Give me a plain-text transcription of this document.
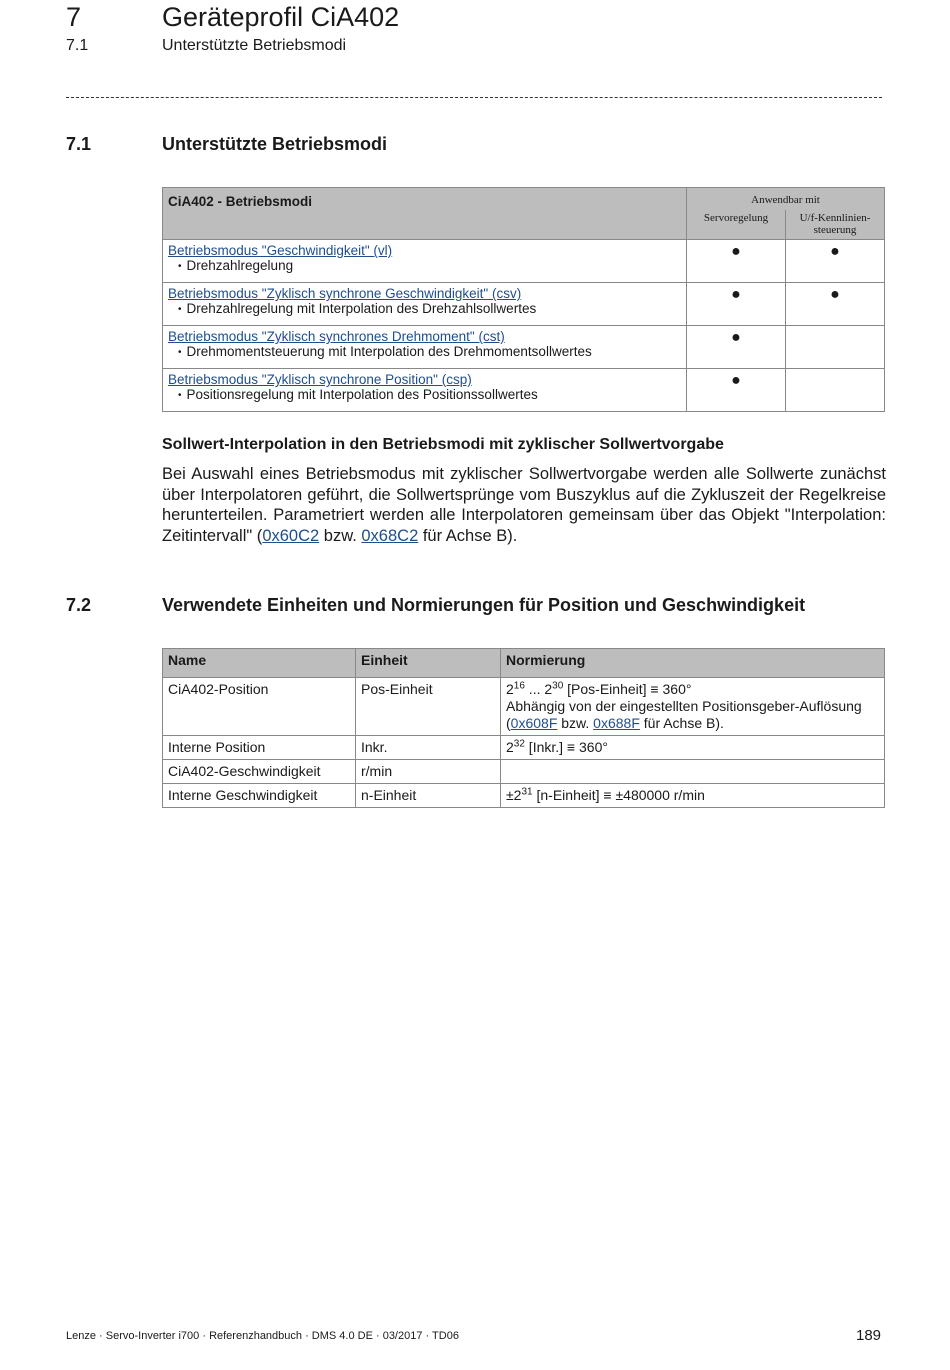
7	Geräteprofil CiA402
7.1	Unterstützte Betriebsmodi
7.1	Unterstützte Betriebsmodi
CiA402 - Betriebsmodi	Anwendbar mit	
	Servoregelung	U/f-Kennlinien-
steuerung
Betriebsmodus "Geschwindigkeit" (vl)
• Drehzahlregelung	●	●
Betriebsmodus "Zyklisch synchrone Geschwindigkeit" (csv)
• Drehzahlregelung mit Interpolation des Drehzahlsollwertes	●	●
Betriebsmodus "Zyklisch synchrones Drehmoment" (cst)
• Drehmomentsteuerung mit Interpolation des Drehmomentsollwertes	●	
Betriebsmodus "Zyklisch synchrone Position" (csp)
• Positionsregelung mit Interpolation des Positionssollwertes	●	
Sollwert-Interpolation in den Betriebsmodi mit zyklischer Sollwertvorgabe
Bei Auswahl eines Betriebsmodus mit zyklischer Sollwertvorgabe werden alle Sollwerte zunächst über Interpolatoren geführt, die Sollwertsprünge vom Buszyklus auf die Zykluszeit der Regelkreise herunterteilen. Parametriert werden alle Interpolatoren gemeinsam über das Objekt "Interpolation: Zeitintervall" (0x60C2 bzw. 0x68C2 für Achse B).
7.2	Verwendete Einheiten und Normierungen für Position und Geschwindigkeit
Name	Einheit	Normierung
CiA402-Position	Pos-Einheit	$2^{16}$ ... $2^{30}$ [Pos-Einheit] ≡ 360°
Abhängig von der eingestellten Positionsgeber-Auflösung
(0x608F bzw. 0x688F für Achse B).

Interne Position	Inkr.	$2^{32}$ [Inkr.] ≡ 360°
CiA402-Geschwindigkeit	r/min	
Interne Geschwindigkeit	n-Einheit	$\pm 2^{31}$ [n-Einheit] ≡ ±480000 r/min
Lenze · Servo-Inverter i700 · Referenzhandbuch · DMS 4.0 DE · 03/2017 · TD06	189
